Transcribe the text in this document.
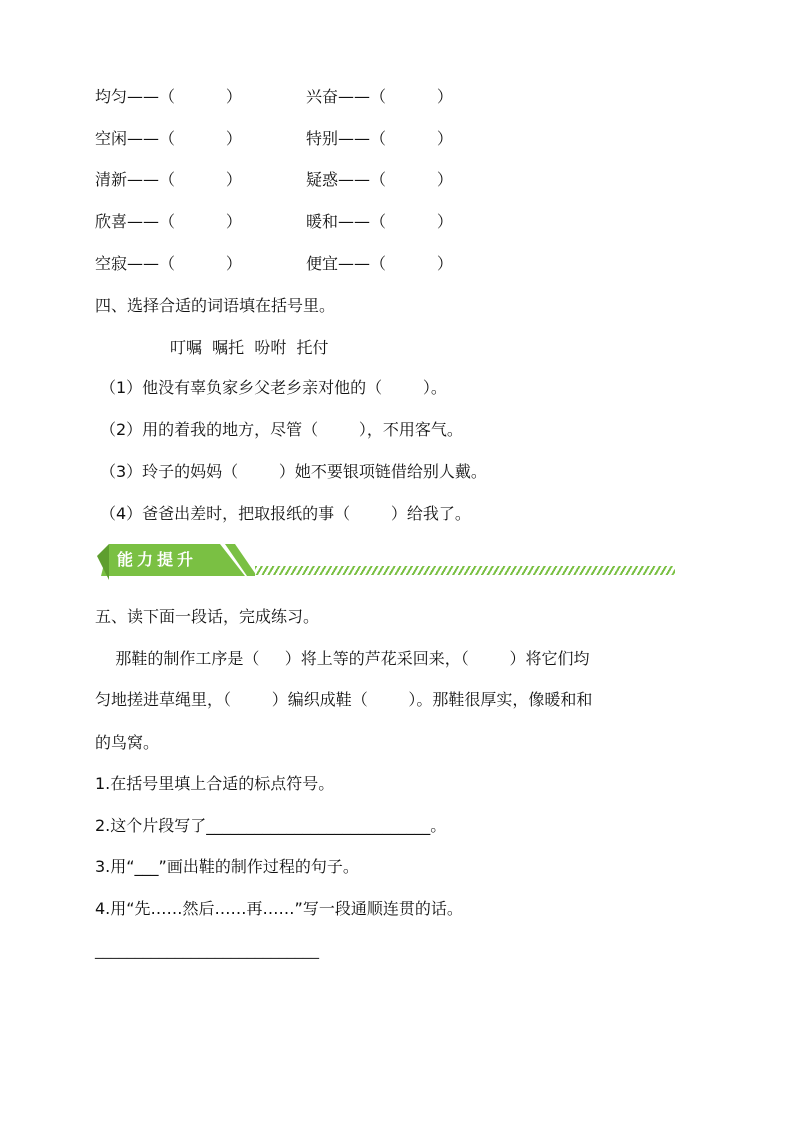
均匀——（          ）	兴奋——（          ）
空闲——（          ）	特别——（          ）
清新——（          ）	疑惑——（          ）
欣喜——（          ）	暖和——（          ）
空寂——（          ）	便宜——（          ）
四、选择合适的词语填在括号里。
叮嘱  嘱托  吩咐  托付
（1）他没有辜负家乡父老乡亲对他的（        ）。
（2）用的着我的地方，尽管（        ），不用客气。
（3）玲子的妈妈（        ）她不要银项链借给别人戴。
（4）爸爸出差时，把取报纸的事（        ）给我了。
能力提升
五、读下面一段话，完成练习。
那鞋的制作工序是（     ）将上等的芦花采回来，（        ）将它们均
匀地搓进草绳里，（        ）编织成鞋（        ）。那鞋很厚实，像暖和和
的鸟窝。
1.在括号里填上合适的标点符号。
2.这个片段写了____________________________。
3.用“___”画出鞋的制作过程的句子。
4.用“先……然后……再……”写一段通顺连贯的话。
____________________________
